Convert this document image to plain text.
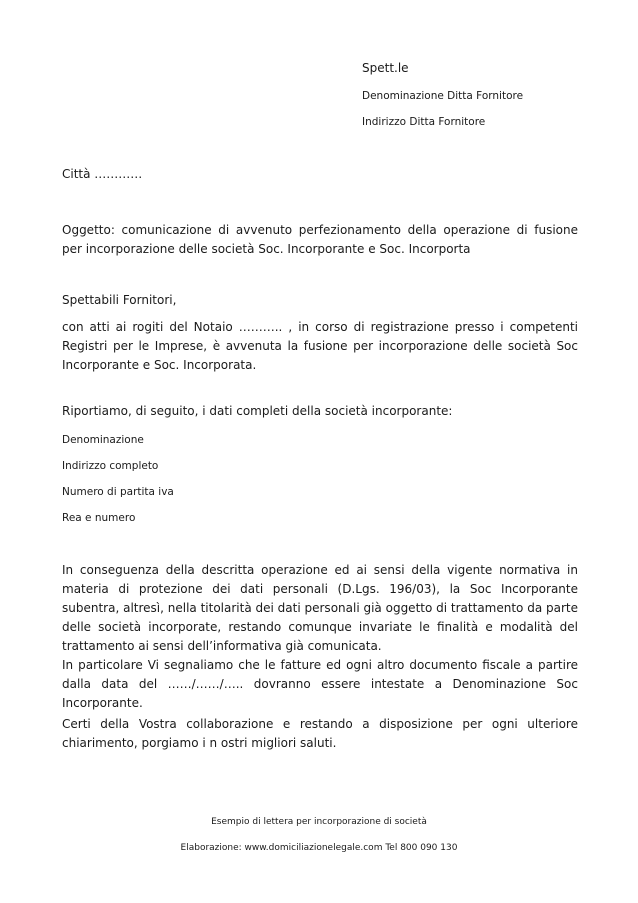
Spett.le
Denominazione Ditta Fornitore
Indirizzo Ditta Fornitore

Città …………

Oggetto: comunicazione di avvenuto perfezionamento della operazione di fusione per incorporazione delle società Soc. Incorporante e Soc. Incorporta

Spettabili Fornitori,

con atti ai rogiti del Notaio ……….. , in corso di registrazione presso i competenti Registri per le Imprese, è avvenuta la fusione per incorporazione delle società Soc Incorporante e Soc. Incorporata.

Riportiamo, di seguito, i dati completi della società incorporante:

Denominazione

Indirizzo completo

Numero di partita iva

Rea e numero

In conseguenza della descritta operazione ed ai sensi della vigente normativa in materia di protezione dei dati personali (D.Lgs. 196/03), la Soc Incorporante subentra, altresì, nella titolarità dei dati personali già oggetto di trattamento da parte delle società incorporate, restando comunque invariate le finalità e modalità del trattamento ai sensi dell’informativa già comunicata.

In particolare Vi segnaliamo che le fatture ed ogni altro documento fiscale a partire dalla data del ……/……/….. dovranno essere intestate a Denominazione Soc Incorporante.

Certi della Vostra collaborazione e restando a disposizione per ogni ulteriore chiarimento, porgiamo i n ostri migliori saluti.

Esempio di lettera per incorporazione di società
Elaborazione: www.domiciliazionelegale.com Tel 800 090 130
